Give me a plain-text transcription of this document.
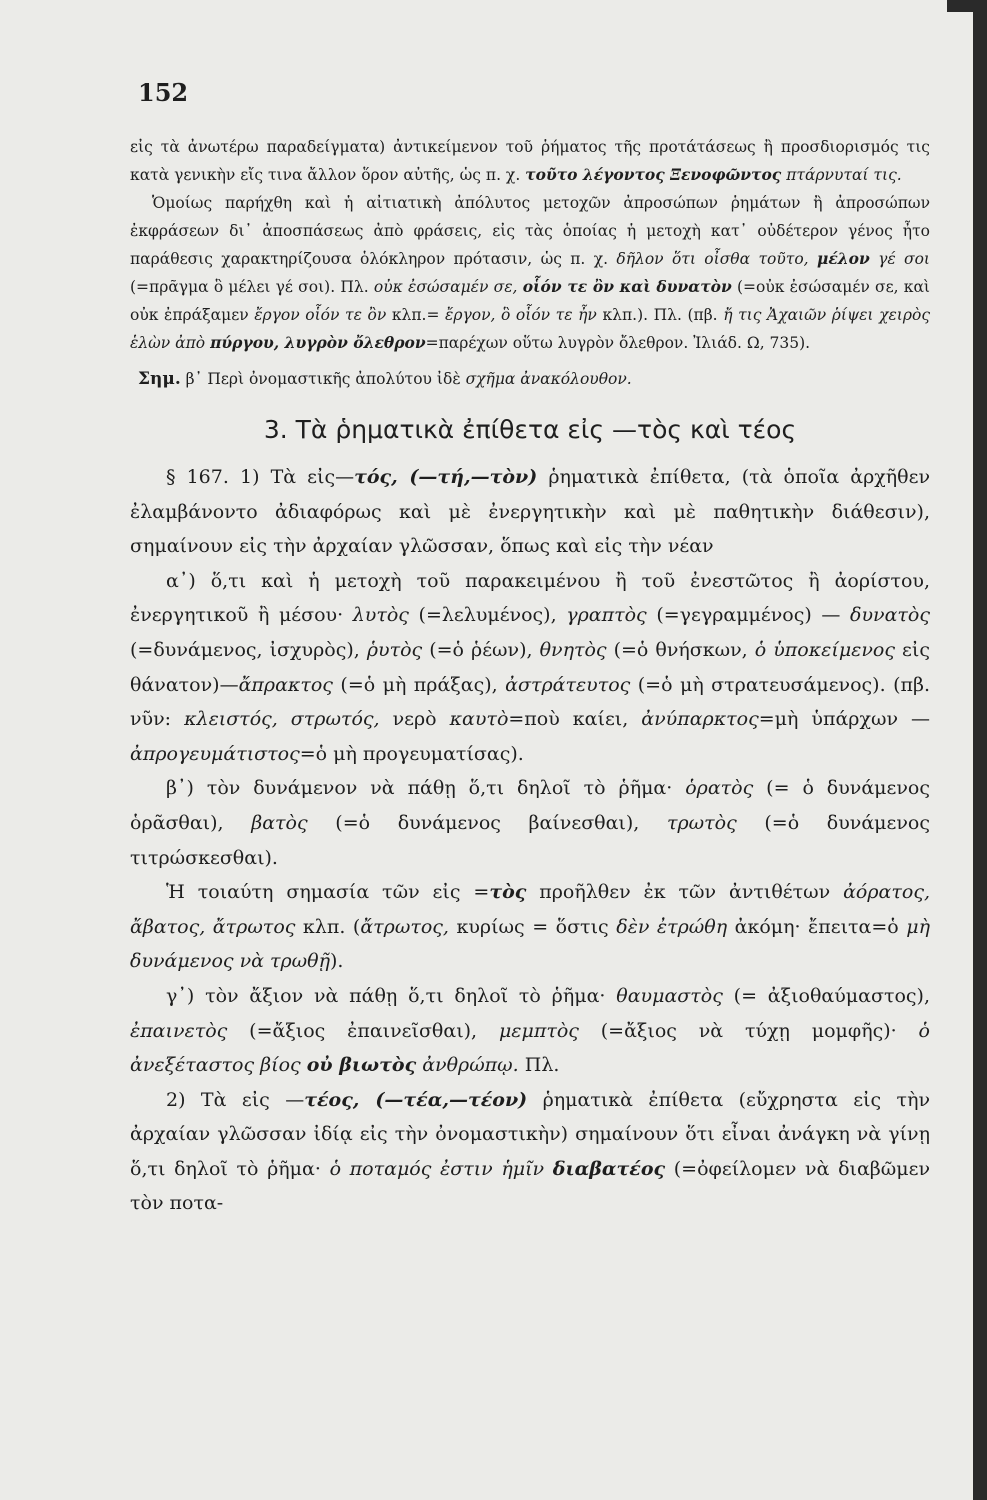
152

εἰς τὰ ἀνωτέρω παραδείγματα) ἀντικείμενον τοῦ ῥήματος τῆς προτάτάσεως ἢ προσδιορισμός τις κατὰ γενικὴν εἴς τινα ἄλλον ὅρον αὐτῆς, ὡς π. χ. τοῦτο λέγοντος Ξενοφῶντος πτάρνυταί τις.

Ὁμοίως παρήχθη καὶ ἡ αἰτιατικὴ ἀπόλυτος μετοχῶν ἀπροσώπων ῥημάτων ἢ ἀπροσώπων ἐκφράσεων δι᾿ ἀποσπάσεως ἀπὸ φράσεις, εἰς τὰς ὁποίας ἡ μετοχὴ κατ᾿ οὐδέτερον γένος ἦτο παράθεσις χαρακτηρίζουσα ὁλόκληρον πρότασιν, ὡς π. χ. δῆλον ὅτι οἶσθα τοῦτο, μέλον γέ σοι (=πρᾶγμα ὃ μέλει γέ σοι). Πλ. οὐκ ἐσώσαμέν σε, οἷόν τε ὂν καὶ δυνατὸν (=οὐκ ἐσώσαμέν σε, καὶ οὐκ ἐπράξαμεν ἔργον οἷόν τε ὂν κλπ.= ἔργον, ὃ οἷόν τε ἦν κλπ.). Πλ. (πβ. ἤ τις Ἀχαιῶν ῥίψει χειρὸς ἑλὼν ἀπὸ πύργου, λυγρὸν ὄλεθρον=παρέχων οὕτω λυγρὸν ὄλεθρον. Ἰλιάδ. Ω, 735).

Σημ. β᾿ Περὶ ὀνομαστικῆς ἀπολύτου ἰδὲ σχῆμα ἀνακόλουθον.

3. Τὰ ῥηματικὰ ἐπίθετα εἰς —τὸς καὶ τέος

§ 167. 1) Τὰ εἰς—τός, (—τή,—τὸν) ῥηματικὰ ἐπίθετα, (τὰ ὁποῖα ἀρχῆθεν ἐλαμβάνοντο ἀδιαφόρως καὶ μὲ ἐνεργητικὴν καὶ μὲ παθητικὴν διάθεσιν), σημαίνουν εἰς τὴν ἀρχαίαν γλῶσσαν, ὅπως καὶ εἰς τὴν νέαν

α᾿) ὅ,τι καὶ ἡ μετοχὴ τοῦ παρακειμένου ἢ τοῦ ἐνεστῶτος ἢ ἀορίστου, ἐνεργητικοῦ ἢ μέσου· λυτὸς (=λελυμένος), γραπτὸς (=γεγραμμένος) — δυνατὸς (=δυνάμενος, ἰσχυρὸς), ῥυτὸς (=ὁ ῥέων), θνητὸς (=ὁ θνήσκων, ὁ ὑποκείμενος εἰς θάνατον)—ἄπρακτος (=ὁ μὴ πράξας), ἀστράτευτος (=ὁ μὴ στρατευσάμενος). (πβ. νῦν: κλειστός, στρωτός, νερὸ καυτὸ=ποὺ καίει, ἀνύπαρκτος=μὴ ὑπάρχων —ἀπρογευμάτιστος=ὁ μὴ προγευματίσας).

β᾿) τὸν δυνάμενον νὰ πάθῃ ὅ,τι δηλοῖ τὸ ῥῆμα· ὁρατὸς (= ὁ δυνάμενος ὁρᾶσθαι), βατὸς (=ὁ δυνάμενος βαίνεσθαι), τρωτὸς (=ὁ δυνάμενος τιτρώσκεσθαι).

Ἡ τοιαύτη σημασία τῶν εἰς =τὸς προῆλθεν ἐκ τῶν ἀντιθέτων ἀόρατος, ἄβατος, ἄτρωτος κλπ. (ἄτρωτος, κυρίως = ὅστις δὲν ἐτρώθη ἀκόμη· ἔπειτα=ὁ μὴ δυνάμενος νὰ τρωθῇ).

γ᾿) τὸν ἄξιον νὰ πάθῃ ὅ,τι δηλοῖ τὸ ῥῆμα· θαυμαστὸς (= ἀξιοθαύμαστος), ἐπαινετὸς (=ἄξιος ἐπαινεῖσθαι), μεμπτὸς (=ἄξιος νὰ τύχῃ μομφῆς)· ὁ ἀνεξέταστος βίος οὐ βιωτὸς ἀνθρώπῳ. Πλ.

2) Τὰ εἰς —τέος, (—τέα,—τέον) ῥηματικὰ ἐπίθετα (εὔχρηστα εἰς τὴν ἀρχαίαν γλῶσσαν ἰδίᾳ εἰς τὴν ὀνομαστικὴν) σημαίνουν ὅτι εἶναι ἀνάγκη νὰ γίνῃ ὅ,τι δηλοῖ τὸ ῥῆμα· ὁ ποταμός ἐστιν ἡμῖν διαβατέος (=ὀφείλομεν νὰ διαβῶμεν τὸν ποτα-
